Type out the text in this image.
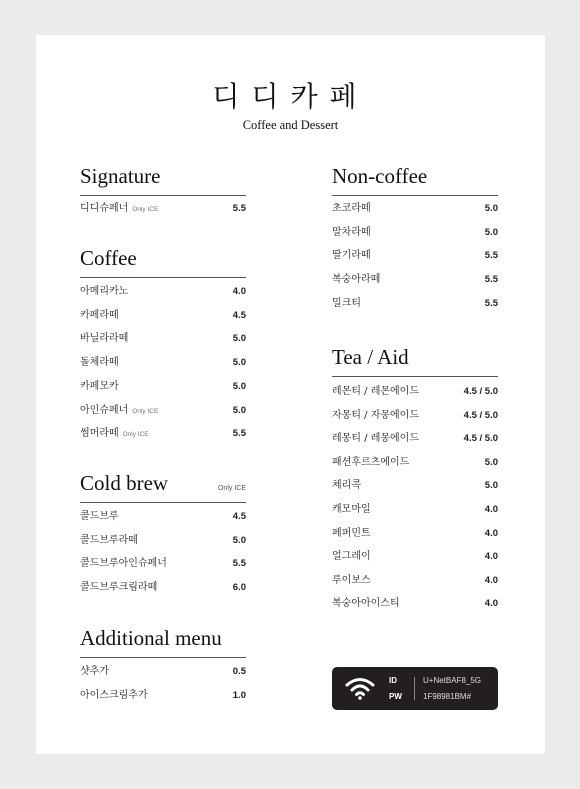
디디카페
Coffee and Dessert
Signature
디디슈페너 Only ICE	5.5
Coffee
아메리카노	4.0
카페라떼	4.5
바닐라라떼	5.0
돌체라떼	5.0
카페모카	5.0
아인슈페너 Only ICE	5.0
썸머라떼 Only ICE	5.5
Cold brew	Only ICE
콜드브루	4.5
콜드브루라떼	5.0
콜드브루아인슈페너	5.5
콜드브루크림라떼	6.0
Additional menu
샷추가	0.5
아이스크림추가	1.0
Non-coffee
초코라떼	5.0
말차라떼	5.0
딸기라떼	5.5
복숭아라떼	5.5
밀크티	5.5
Tea / Aid
레몬티 / 레몬에이드	4.5 / 5.0
자몽티 / 자몽에이드	4.5 / 5.0
레몽티 / 레몽에이드	4.5 / 5.0
패션후르츠에이드	5.0
체리콕	5.0
캐모마일	4.0
페퍼민트	4.0
얼그레이	4.0
루이보스	4.0
복숭아아이스티	4.0
ID
PW
U+NetBAF8_5G
1F98981BM#
